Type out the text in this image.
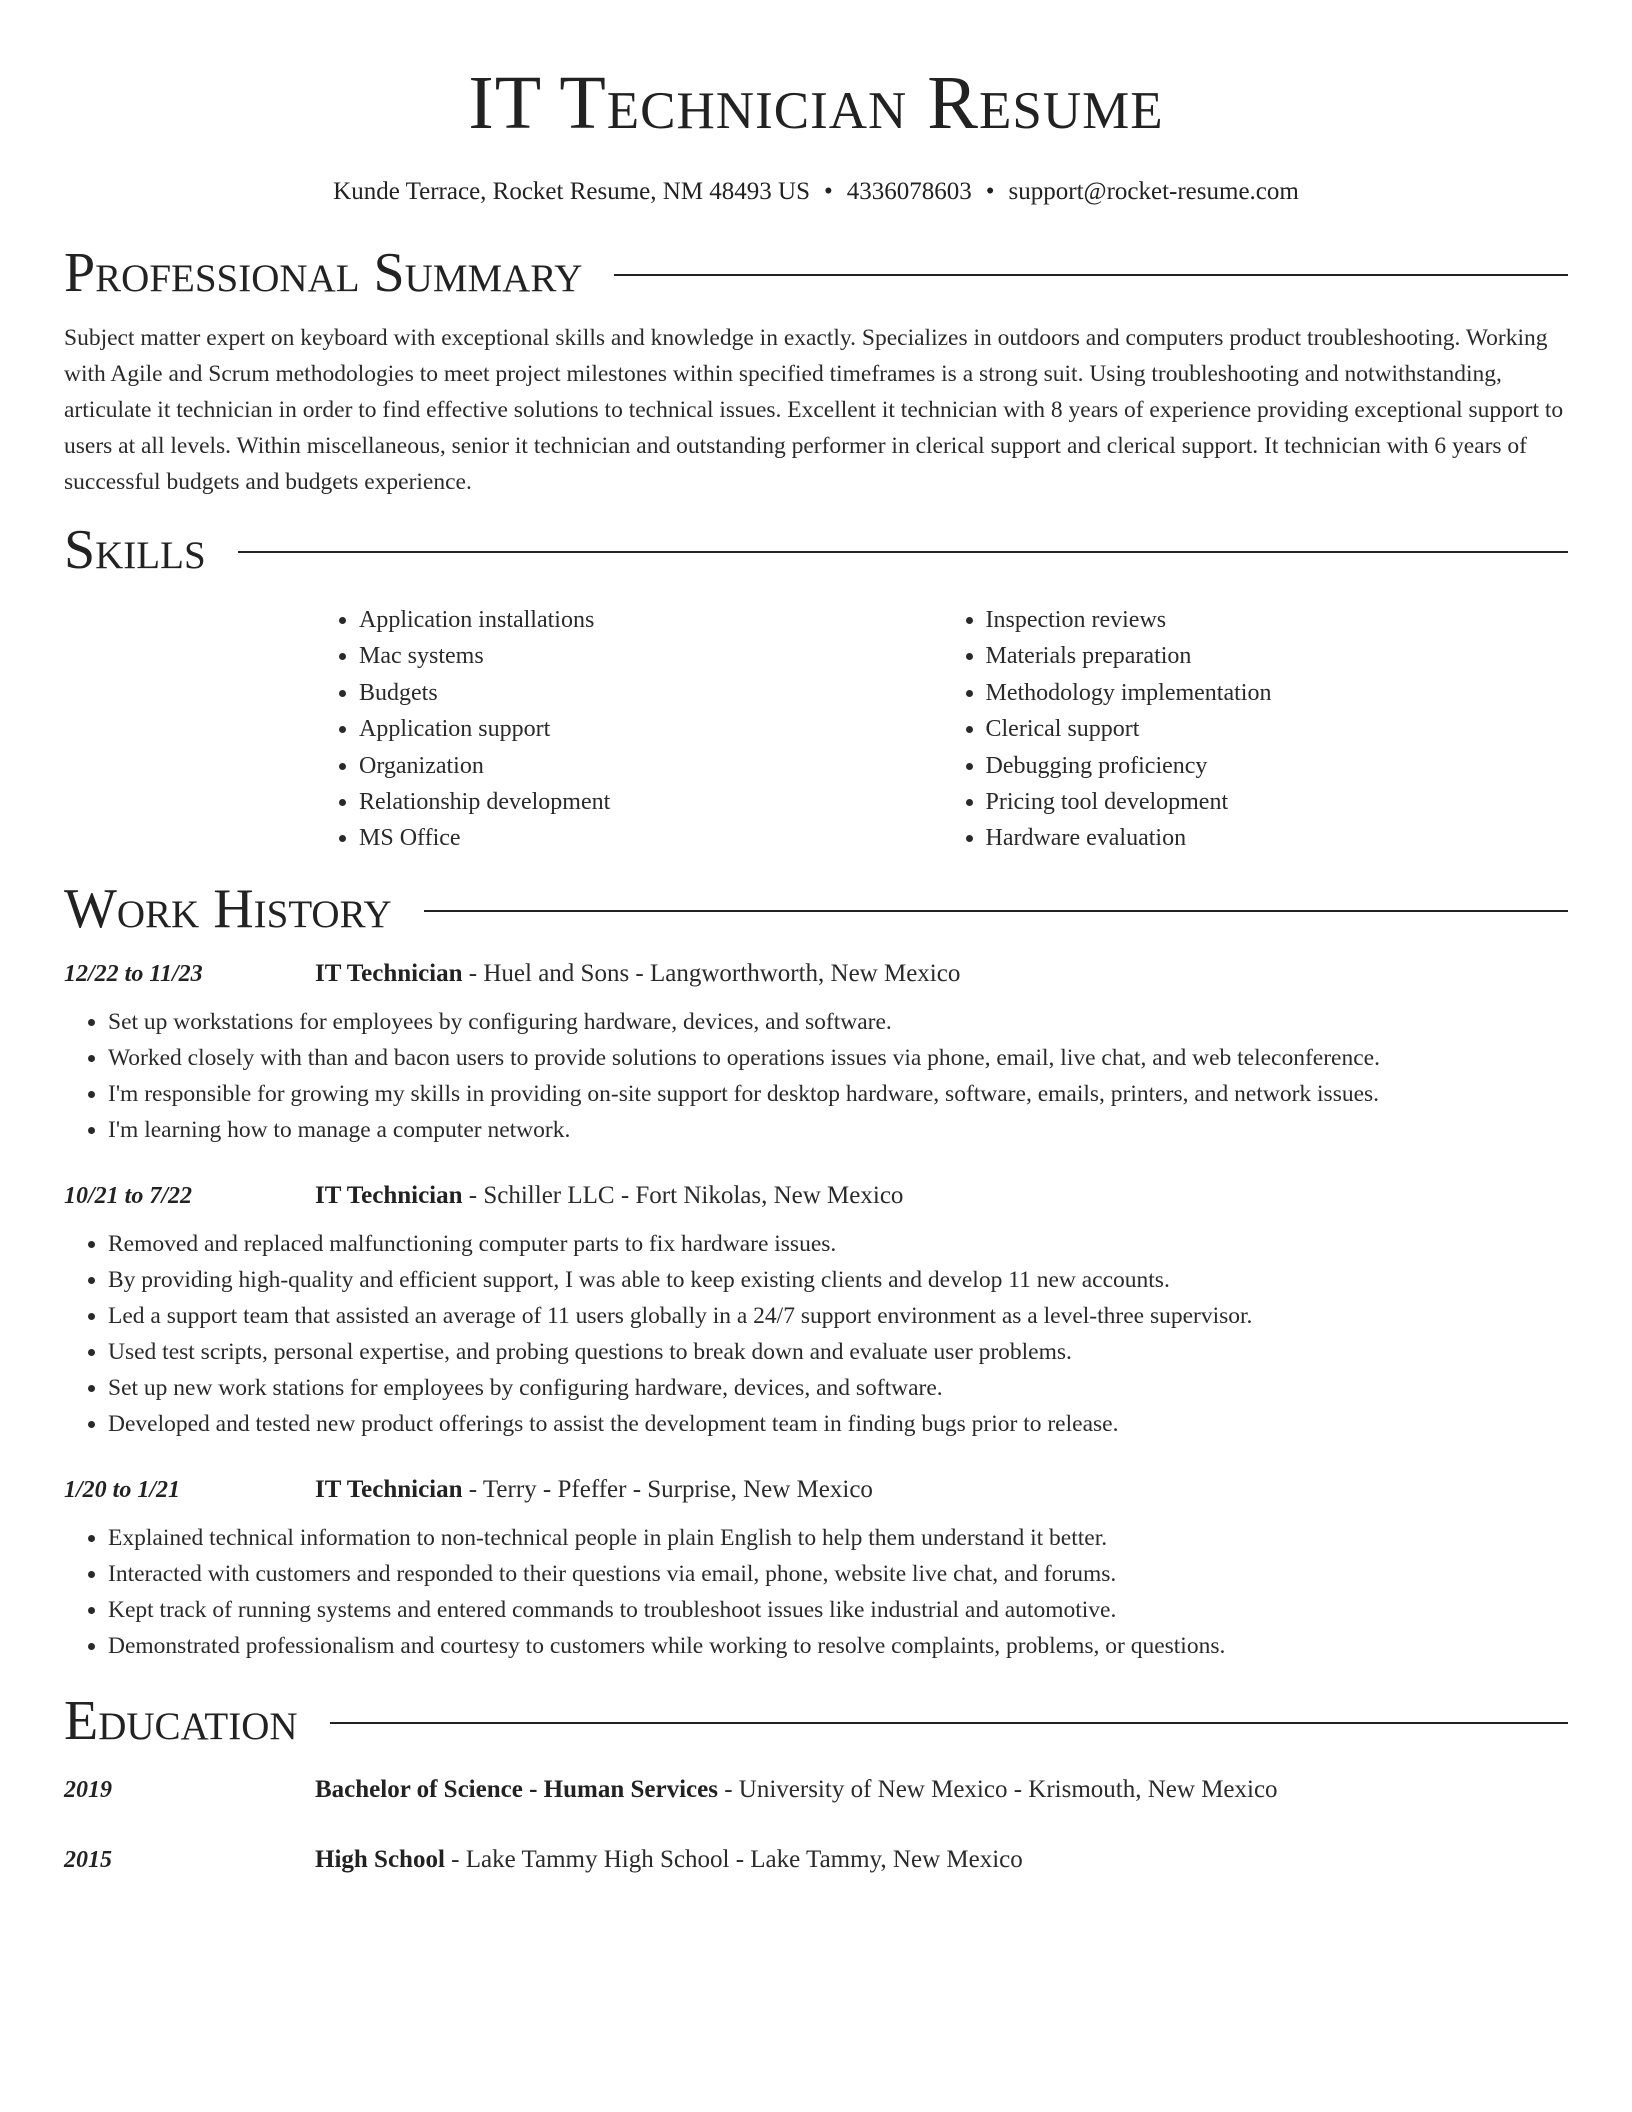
IT Technician Resume
Kunde Terrace, Rocket Resume, NM 48493 US • 4336078603 • support@rocket-resume.com
Professional Summary

Subject matter expert on keyboard with exceptional skills and knowledge in exactly. Specializes in outdoors and computers product troubleshooting. Working with Agile and Scrum methodologies to meet project milestones within specified timeframes is a strong suit. Using troubleshooting and notwithstanding, articulate it technician in order to find effective solutions to technical issues. Excellent it technician with 8 years of experience providing exceptional support to users at all levels. Within miscellaneous, senior it technician and outstanding performer in clerical support and clerical support. It technician with 6 years of successful budgets and budgets experience.

Skills
• Application installations
• Mac systems
• Budgets
• Application support
• Organization
• Relationship development
• MS Office
• Inspection reviews
• Materials preparation
• Methodology implementation
• Clerical support
• Debugging proficiency
• Pricing tool development
• Hardware evaluation
Work History
12/22 to 11/23	IT Technician - Huel and Sons - Langworthworth, New Mexico
• Set up workstations for employees by configuring hardware, devices, and software.
• Worked closely with than and bacon users to provide solutions to operations issues via phone, email, live chat, and web teleconference.
• I'm responsible for growing my skills in providing on-site support for desktop hardware, software, emails, printers, and network issues.
• I'm learning how to manage a computer network.
10/21 to 7/22	IT Technician - Schiller LLC - Fort Nikolas, New Mexico
• Removed and replaced malfunctioning computer parts to fix hardware issues.
• By providing high-quality and efficient support, I was able to keep existing clients and develop 11 new accounts.
• Led a support team that assisted an average of 11 users globally in a 24/7 support environment as a level-three supervisor.
• Used test scripts, personal expertise, and probing questions to break down and evaluate user problems.
• Set up new work stations for employees by configuring hardware, devices, and software.
• Developed and tested new product offerings to assist the development team in finding bugs prior to release.
1/20 to 1/21	IT Technician - Terry - Pfeffer - Surprise, New Mexico
• Explained technical information to non-technical people in plain English to help them understand it better.
• Interacted with customers and responded to their questions via email, phone, website live chat, and forums.
• Kept track of running systems and entered commands to troubleshoot issues like industrial and automotive.
• Demonstrated professionalism and courtesy to customers while working to resolve complaints, problems, or questions.
Education
2019	Bachelor of Science - Human Services - University of New Mexico - Krismouth, New Mexico
2015	High School - Lake Tammy High School - Lake Tammy, New Mexico
